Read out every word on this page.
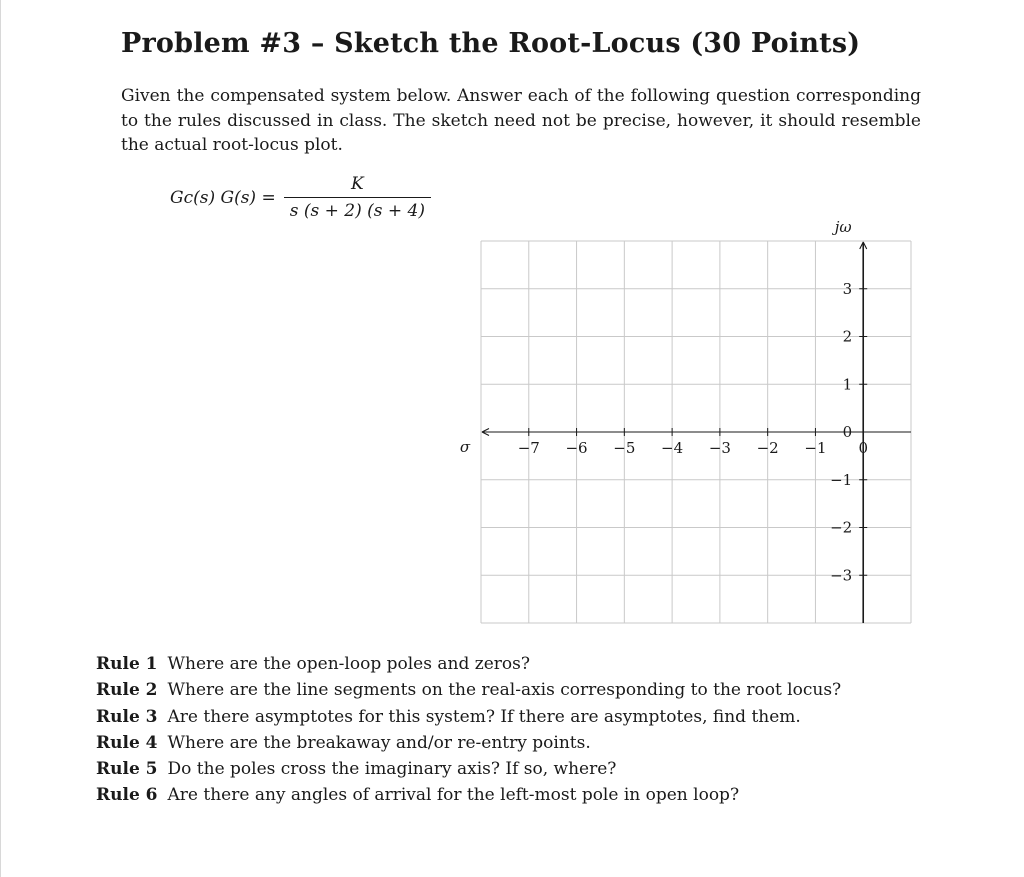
Problem #3 – Sketch the Root-Locus (30 Points)

Given the compensated system below. Answer each of the following question corresponding to the rules discussed in class. The sketch need not be precise, however, it should resemble the actual root-locus plot.

Gc(s) $G(s) = \frac{K}{s (s + 2) (s + 4)}$
−7 −6 −5 −4 −3 −2 −1 0
3
2
1
0
−1
−2
−3
σ
jω
Rule 1 Where are the open-loop poles and zeros?
Rule 2 Where are the line segments on the real-axis corresponding to the root locus?
Rule 3 Are there asymptotes for this system? If there are asymptotes, find them.
Rule 4 Where are the breakaway and/or re-entry points.
Rule 5 Do the poles cross the imaginary axis? If so, where?
Rule 6 Are there any angles of arrival for the left-most pole in open loop?
